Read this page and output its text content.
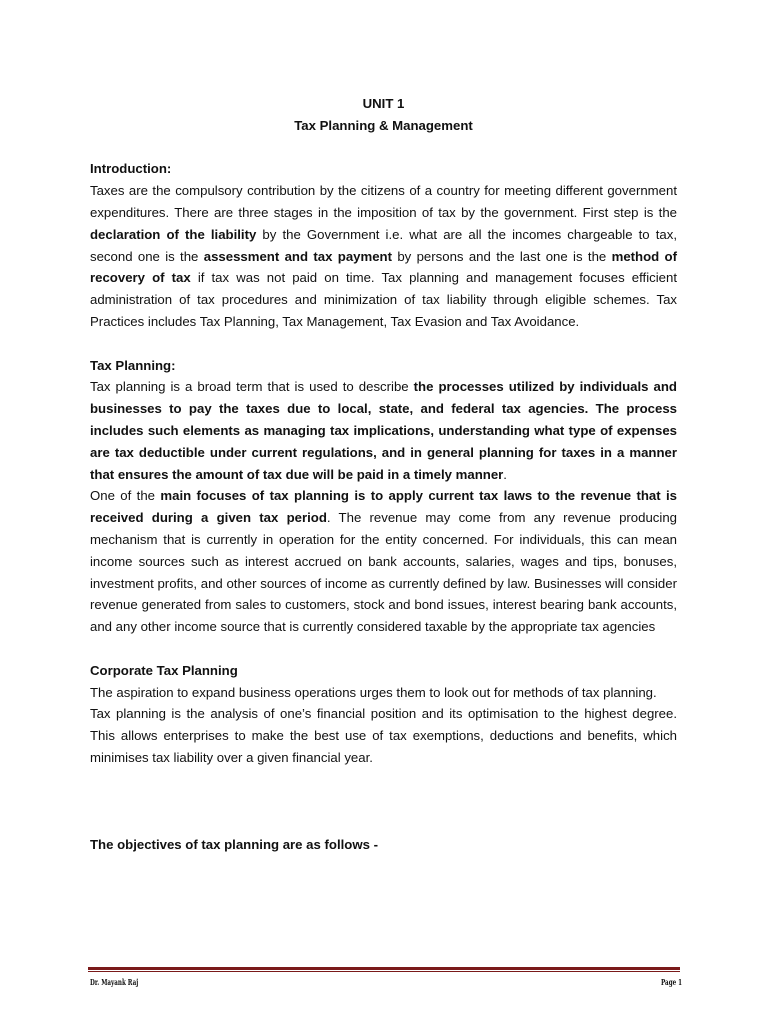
UNIT 1
Tax Planning & Management

Introduction:

Taxes are the compulsory contribution by the citizens of a country for meeting different government expenditures. There are three stages in the imposition of tax by the government. First step is the declaration of the liability by the Government i.e. what are all the incomes chargeable to tax, second one is the assessment and tax payment by persons and the last one is the method of recovery of tax if tax was not paid on time. Tax planning and management focuses efficient administration of tax procedures and minimization of tax liability through eligible schemes. Tax Practices includes Tax Planning, Tax Management, Tax Evasion and Tax Avoidance.

Tax Planning:

Tax planning is a broad term that is used to describe the processes utilized by individuals and businesses to pay the taxes due to local, state, and federal tax agencies. The process includes such elements as managing tax implications, understanding what type of expenses are tax deductible under current regulations, and in general planning for taxes in a manner that ensures the amount of tax due will be paid in a timely manner.

One of the main focuses of tax planning is to apply current tax laws to the revenue that is received during a given tax period. The revenue may come from any revenue producing mechanism that is currently in operation for the entity concerned. For individuals, this can mean income sources such as interest accrued on bank accounts, salaries, wages and tips, bonuses, investment profits, and other sources of income as currently defined by law. Businesses will consider revenue generated from sales to customers, stock and bond issues, interest bearing bank accounts, and any other income source that is currently considered taxable by the appropriate tax agencies

Corporate Tax Planning

The aspiration to expand business operations urges them to look out for methods of tax planning.

Tax planning is the analysis of one’s financial position and its optimisation to the highest degree. This allows enterprises to make the best use of tax exemptions, deductions and benefits, which minimises tax liability over a given financial year.

The objectives of tax planning are as follows -

Dr. Mayank Raj	Page 1
